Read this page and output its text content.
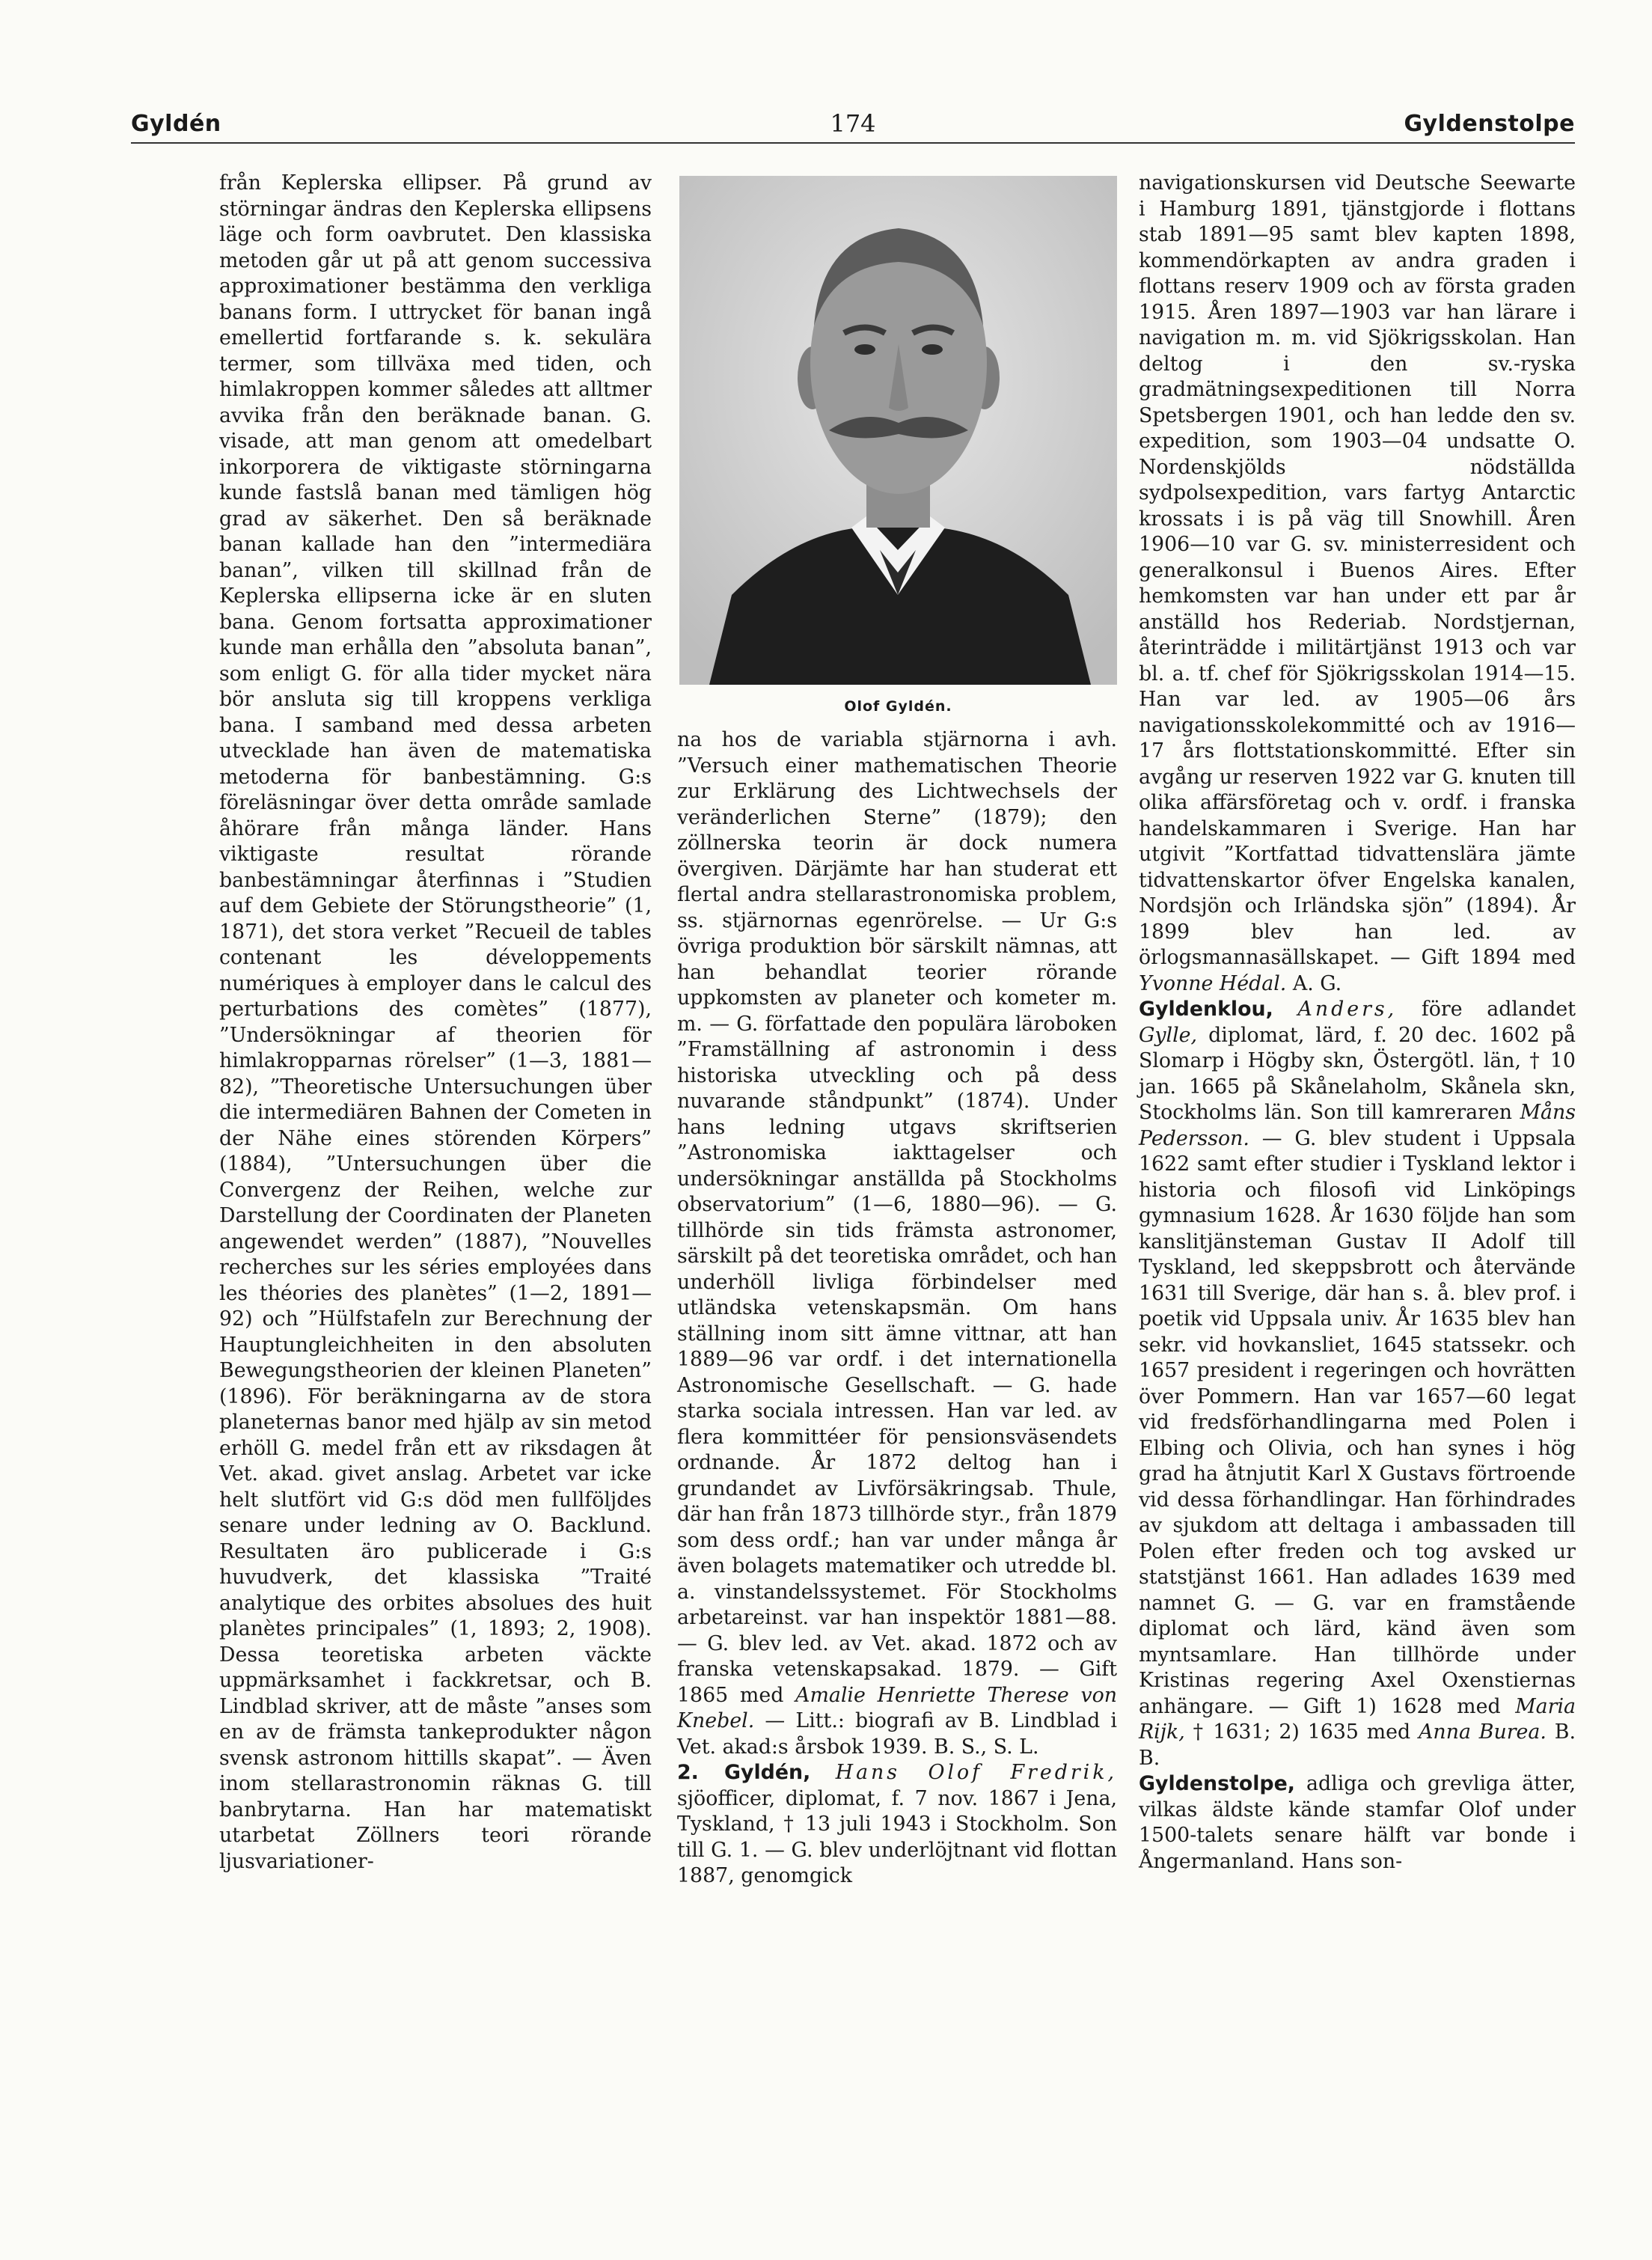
Gyldén	174	Gyldenstolpe

från Keplerska ellipser. På grund av störningar ändras den Keplerska ellipsens läge och form oavbrutet. Den klassiska metoden går ut på att genom successiva approximationer bestämma den verkliga banans form. I uttrycket för banan ingå emellertid fortfarande s. k. sekulära termer, som tillväxa med tiden, och himlakroppen kommer således att alltmer avvika från den beräknade banan. G. visade, att man genom att omedelbart inkorporera de viktigaste störningarna kunde fastslå banan med tämligen hög grad av säkerhet. Den så beräknade banan kallade han den ”intermediära banan”, vilken till skillnad från de Keplerska ellipserna icke är en sluten bana. Genom fortsatta approximationer kunde man erhålla den ”absoluta banan”, som enligt G. för alla tider mycket nära bör ansluta sig till kroppens verkliga bana. I samband med dessa arbeten utvecklade han även de matematiska metoderna för banbestämning. G:s föreläsningar över detta område samlade åhörare från många länder. Hans viktigaste resultat rörande banbestämningar återfinnas i ”Studien auf dem Gebiete der Störungstheorie” (1, 1871), det stora verket ”Recueil de tables contenant les développements numériques à employer dans le calcul des perturbations des comètes” (1877), ”Undersökningar af theorien för himlakropparnas rörelser” (1—3, 1881—82), ”Theoretische Untersuchungen über die intermediären Bahnen der Cometen in der Nähe eines störenden Körpers” (1884), ”Untersuchungen über die Convergenz der Reihen, welche zur Darstellung der Coordinaten der Planeten angewendet werden” (1887), ”Nouvelles recherches sur les séries employées dans les théories des planètes” (1—2, 1891—92) och ”Hülfstafeln zur Berechnung der Hauptungleichheiten in den absoluten Bewegungstheorien der kleinen Planeten” (1896). För beräkningarna av de stora planeternas banor med hjälp av sin metod erhöll G. medel från ett av riksdagen åt Vet. akad. givet anslag. Arbetet var icke helt slutfört vid G:s död men fullföljdes senare under ledning av O. Backlund. Resultaten äro publicerade i G:s huvudverk, det klassiska ”Traité analytique des orbites absolues des huit planètes principales” (1, 1893; 2, 1908). Dessa teoretiska arbeten väckte uppmärksamhet i fackkretsar, och B. Lindblad skriver, att de måste ”anses som en av de främsta tankeprodukter någon svensk astronom hittills skapat”. — Även inom stellarastronomin räknas G. till banbrytarna. Han har matematiskt utarbetat Zöllners teori rörande ljusvariationer-

Olof Gyldén.

na hos de variabla stjärnorna i avh. ”Versuch einer mathematischen Theorie zur Erklärung des Lichtwechsels der veränderlichen Sterne” (1879); den zöllnerska teorin är dock numera övergiven. Därjämte har han studerat ett flertal andra stellarastronomiska problem, ss. stjärnornas egenrörelse. — Ur G:s övriga produktion bör särskilt nämnas, att han behandlat teorier rörande uppkomsten av planeter och kometer m. m. — G. författade den populära läroboken ”Framställning af astronomin i dess historiska utveckling och på dess nuvarande ståndpunkt” (1874). Under hans ledning utgavs skriftserien ”Astronomiska iakttagelser och undersökningar anställda på Stockholms observatorium” (1—6, 1880—96). — G. tillhörde sin tids främsta astronomer, särskilt på det teoretiska området, och han underhöll livliga förbindelser med utländska vetenskapsmän. Om hans ställning inom sitt ämne vittnar, att han 1889—96 var ordf. i det internationella Astronomische Gesellschaft. — G. hade starka sociala intressen. Han var led. av flera kommittéer för pensionsväsendets ordnande. År 1872 deltog han i grundandet av Livförsäkringsab. Thule, där han från 1873 tillhörde styr., från 1879 som dess ordf.; han var under många år även bolagets matematiker och utredde bl. a. vinstandelssystemet. För Stockholms arbetareinst. var han inspektör 1881—88. — G. blev led. av Vet. akad. 1872 och av franska vetenskapsakad. 1879. — Gift 1865 med Amalie Henriette Therese von Knebel. — Litt.: biografi av B. Lindblad i Vet. akad:s årsbok 1939. B. S., S. L.
2. Gyldén, Hans Olof Fredrik, sjöofficer, diplomat, f. 7 nov. 1867 i Jena, Tyskland, † 13 juli 1943 i Stockholm. Son till G. 1. — G. blev underlöjtnant vid flottan 1887, genomgick

navigationskursen vid Deutsche Seewarte i Hamburg 1891, tjänstgjorde i flottans stab 1891—95 samt blev kapten 1898, kommendörkapten av andra graden i flottans reserv 1909 och av första graden 1915. Åren 1897—1903 var han lärare i navigation m. m. vid Sjökrigsskolan. Han deltog i den sv.-ryska gradmätningsexpeditionen till Norra Spetsbergen 1901, och han ledde den sv. expedition, som 1903—04 undsatte O. Nordenskjölds nödställda sydpolsexpedition, vars fartyg Antarctic krossats i is på väg till Snowhill. Åren 1906—10 var G. sv. ministerresident och generalkonsul i Buenos Aires. Efter hemkomsten var han under ett par år anställd hos Rederiab. Nordstjernan, återinträdde i militärtjänst 1913 och var bl. a. tf. chef för Sjökrigsskolan 1914—15. Han var led. av 1905—06 års navigationsskolekommitté och av 1916—17 års flottstationskommitté. Efter sin avgång ur reserven 1922 var G. knuten till olika affärsföretag och v. ordf. i franska handelskammaren i Sverige. Han har utgivit ”Kortfattad tidvattenslära jämte tidvattenskartor öfver Engelska kanalen, Nordsjön och Irländska sjön” (1894). År 1899 blev han led. av örlogsmannasällskapet. — Gift 1894 med Yvonne Hédal. A. G.
Gyldenklou, Anders, före adlandet Gylle, diplomat, lärd, f. 20 dec. 1602 på Slomarp i Högby skn, Östergötl. län, † 10 jan. 1665 på Skånelaholm, Skånela skn, Stockholms län. Son till kamreraren Måns Pedersson. — G. blev student i Uppsala 1622 samt efter studier i Tyskland lektor i historia och filosofi vid Linköpings gymnasium 1628. År 1630 följde han som kanslitjänsteman Gustav II Adolf till Tyskland, led skeppsbrott och återvände 1631 till Sverige, där han s. å. blev prof. i poetik vid Uppsala univ. År 1635 blev han sekr. vid hovkansliet, 1645 statssekr. och 1657 president i regeringen och hovrätten över Pommern. Han var 1657—60 legat vid fredsförhandlingarna med Polen i Elbing och Olivia, och han synes i hög grad ha åtnjutit Karl X Gustavs förtroende vid dessa förhandlingar. Han förhindrades av sjukdom att deltaga i ambassaden till Polen efter freden och tog avsked ur statstjänst 1661. Han adlades 1639 med namnet G. — G. var en framstående diplomat och lärd, känd även som myntsamlare. Han tillhörde under Kristinas regering Axel Oxenstiernas anhängare. — Gift 1) 1628 med Maria Rijk, † 1631; 2) 1635 med Anna Burea. B. B.
Gyldenstolpe, adliga och grevliga ätter, vilkas äldste kände stamfar Olof under 1500-talets senare hälft var bonde i Ångermanland. Hans son-
